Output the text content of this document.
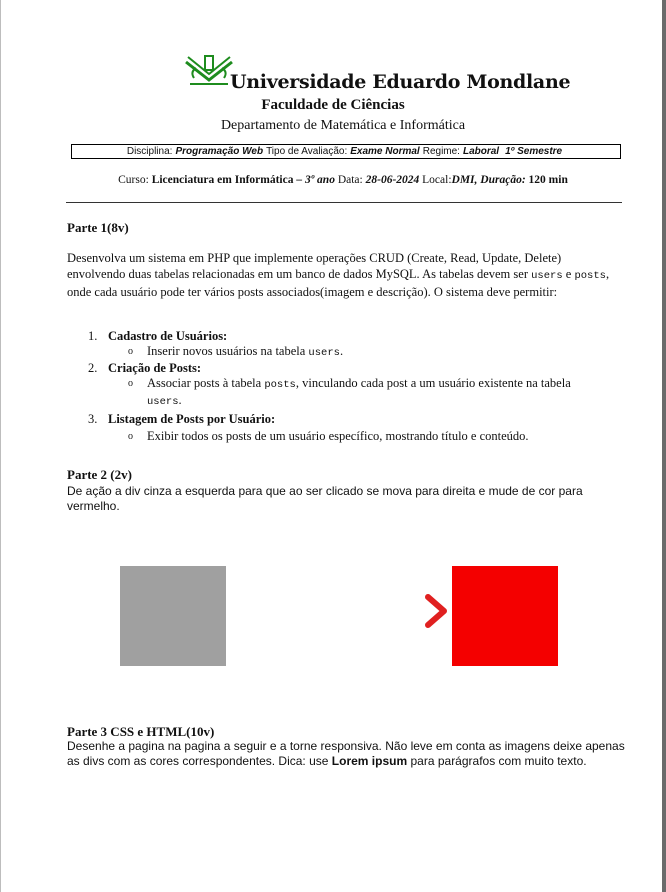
Universidade Eduardo Mondlane
Faculdade de Ciências
Departamento de Matemática e Informática
Disciplina: Programação Web Tipo de Avaliação: Exame Normal Regime: Laboral 1º Semestre
Curso: Licenciatura em Informática – 3º ano Data: 28-06-2024 Local:DMI, Duração: 120 min
Parte 1(8v)
Desenvolva um sistema em PHP que implemente operações CRUD (Create, Read, Update, Delete) envolvendo duas tabelas relacionadas em um banco de dados MySQL. As tabelas devem ser users e posts, onde cada usuário pode ter vários posts associados(imagem e descrição). O sistema deve permitir:
1. Cadastro de Usuários:
o Inserir novos usuários na tabela users.
2. Criação de Posts:
o Associar posts à tabela posts, vinculando cada post a um usuário existente na tabela users.
3. Listagem de Posts por Usuário:
o Exibir todos os posts de um usuário específico, mostrando título e conteúdo.
Parte 2 (2v)
De ação a div cinza a esquerda para que ao ser clicado se mova para direita e mude de cor para vermelho.
Parte 3 CSS e HTML(10v)
Desenhe a pagina na pagina a seguir e a torne responsiva. Não leve em conta as imagens deixe apenas as divs com as cores correspondentes. Dica: use Lorem ipsum para parágrafos com muito texto.
